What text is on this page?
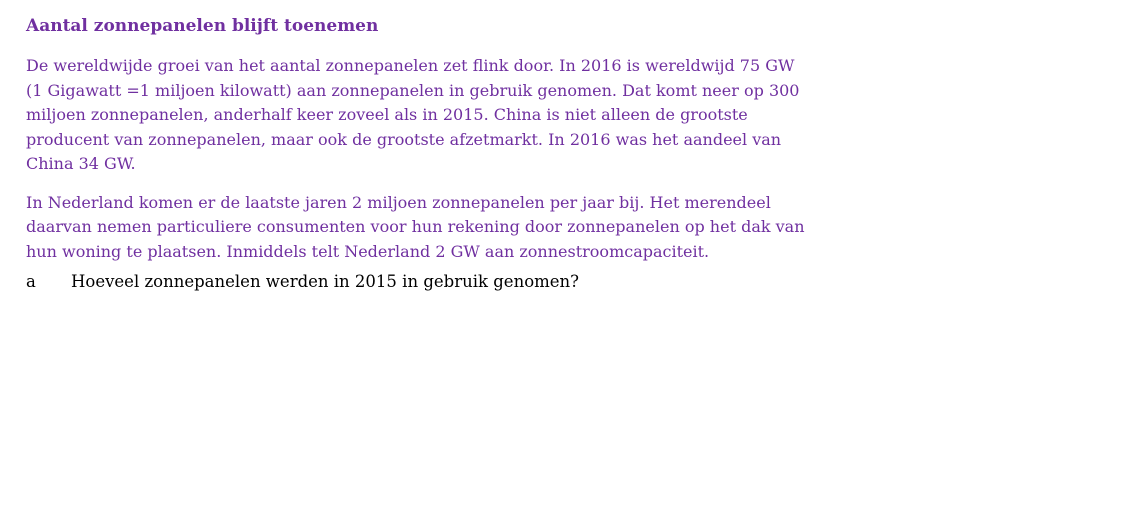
Aantal zonnepanelen blijft toenemen

De wereldwijde groei van het aantal zonnepanelen zet flink door. In 2016 is wereldwijd 75 GW (1 Gigawatt =1 miljoen kilowatt) aan zonnepanelen in gebruik genomen. Dat komt neer op 300 miljoen zonnepanelen, anderhalf keer zoveel als in 2015. China is niet alleen de grootste producent van zonnepanelen, maar ook de grootste afzetmarkt. In 2016 was het aandeel van China 34 GW.

In Nederland komen er de laatste jaren 2 miljoen zonnepanelen per jaar bij. Het merendeel daarvan nemen particuliere consumenten voor hun rekening door zonnepanelen op het dak van hun woning te plaatsen. Inmiddels telt Nederland 2 GW aan zonnestroomcapaciteit.

a	Hoeveel zonnepanelen werden in 2015 in gebruik genomen?
